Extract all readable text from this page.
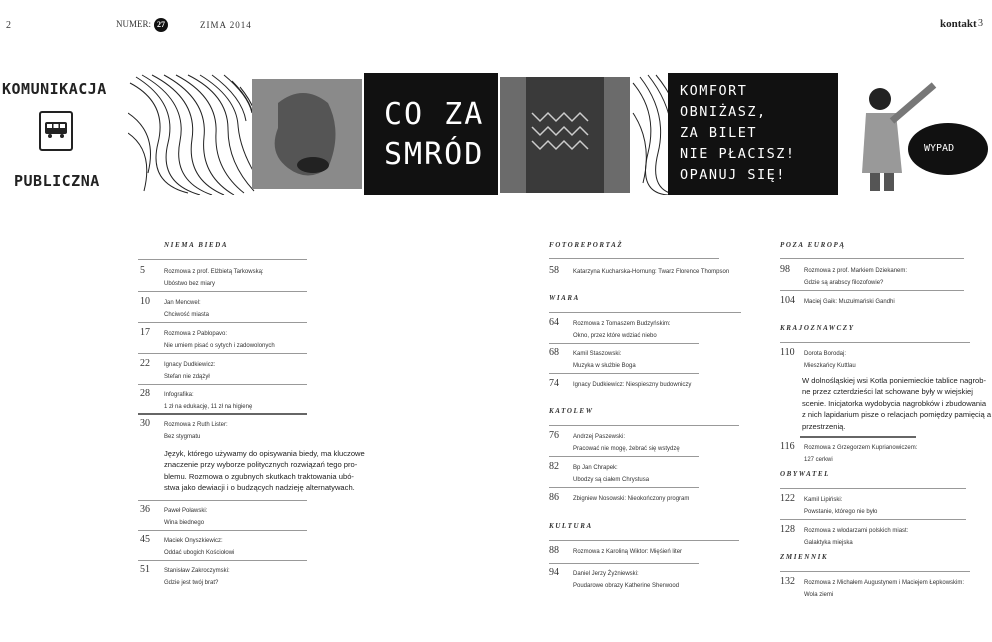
2	NUMER: 27	ZIMA 2014	kontakt 3
KOMUNIKACJA
PUBLICZNA
CO ZA
SMRÓD
KOMFORT
OBNIŻASZ,
ZA BILET
NIE PŁACISZ!
OPANUJ SIĘ!
WYPAD
NIEMA BIEDA
5	Rozmowa z prof. Elżbietą Tarkowską:
Ubóstwo bez miary
10 Jan Mencwel:
Chciwość miasta
17 Rozmowa z Pablopavo:
Nie umiem pisać o sytych i zadowolonych
22 Ignacy Dudkiewicz:
Stefan nie zdążył
28 Infografika:
1 zł na edukację, 11 zł na higienę
30 Rozmowa z Ruth Lister:
Bez stygmatu
Język, którego używamy do opisywania biedy, ma kluczowe
znaczenie przy wyborze politycznych rozwiązań tego pro-
blemu. Rozmowa o zgubnych skutkach traktowania ubó-
stwa jako dewiacji i o budzących nadzieję alternatywach.
36 Paweł Poławski:
Wina biednego
45 Maciek Onyszkiewicz:
Oddać ubogich Kościołowi
51 Stanisław Zakroczymski:
Gdzie jest twój brat?
FOTOREPORTAŻ
58 Katarzyna Kucharska-Hornung: Twarz Florence Thompson
WIARA
64 Rozmowa z Tomaszem Budzyńskim:
Okno, przez które wdziać niebo
68 Kamil Staszowski:
Muzyka w służbie Boga
74 Ignacy Dudkiewicz: Niespieszny budowniczy
KATOLEW
76 Andrzej Paszewski:
Pracować nie mogę, żebrać się wstydzę
82 Bp Jan Chrapek:
Ubodzy są ciałem Chrystusa
86 Zbigniew Nosowski: Nieokończony program
KULTURA
88 Rozmowa z Karoliną Wiktor: Mięśień liter
94 Daniel Jerzy Żyżniewski:
Poudarowe obrazy Katherine Sherwood
POZA EUROPĄ
98 Rozmowa z prof. Markiem Dziekanem:
Gdzie są arabscy filozofowie?
104 Maciej Gaik: Muzułmański Gandhi
KRAJOZNAWCZY
110 Dorota Borodaj:
Mieszkańcy Kuttlau
W dolnośląskiej wsi Kotla poniemieckie tablice nagrob-
ne przez czterdzieści lat schowane były w wiejskiej
scenie. Inicjatorka wydobycia nagrobków i zbudowania
z nich lapidarium pisze o relacjach pomiędzy pamięcią a
przestrzenią.
116 Rozmowa z Grzegorzem Kuprianowiczem:
127 cerkwi
OBYWATEL
122 Kamil Lipiński:
Powstanie, którego nie było
128 Rozmowa z włodarzami polskich miast:
Galaktyka miejska
ZMIENNIK
132 Rozmowa z Michałem Augustynem i Maciejem Łepkowskim:
Wola ziemi
